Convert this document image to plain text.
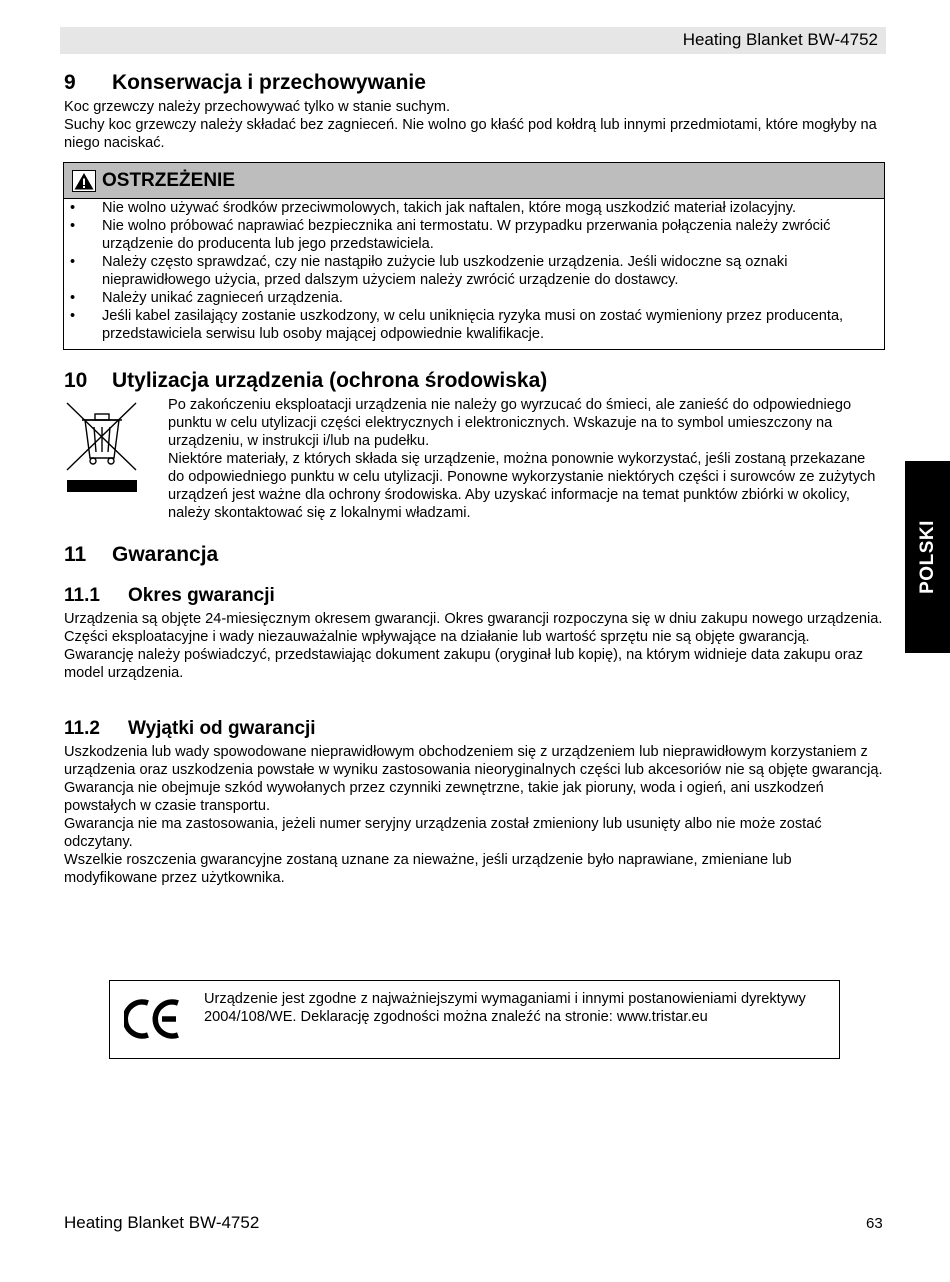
Heating Blanket BW-4752
9 Konserwacja i przechowywanie

Koc grzewczy należy przechowywać tylko w stanie suchym.

Suchy koc grzewczy należy składać bez zagnieceń. Nie wolno go kłaść pod kołdrą lub innymi przedmiotami, które mogłyby na niego naciskać.

OSTRZEŻENIE
• Nie wolno używać środków przeciwmolowych, takich jak naftalen, które mogą uszkodzić materiał izolacyjny.
• Nie wolno próbować naprawiać bezpiecznika ani termostatu. W przypadku przerwania połączenia należy zwrócić urządzenie do producenta lub jego przedstawiciela.
• Należy często sprawdzać, czy nie nastąpiło zużycie lub uszkodzenie urządzenia. Jeśli widoczne są oznaki nieprawidłowego użycia, przed dalszym użyciem należy zwrócić urządzenie do dostawcy.
• Należy unikać zagnieceń urządzenia.
• Jeśli kabel zasilający zostanie uszkodzony, w celu uniknięcia ryzyka musi on zostać wymieniony przez producenta, przedstawiciela serwisu lub osoby mającej odpowiednie kwalifikacje.
10 Utylizacja urządzenia (ochrona środowiska)

Po zakończeniu eksploatacji urządzenia nie należy go wyrzucać do śmieci, ale zanieść do odpowiedniego punktu w celu utylizacji części elektrycznych i elektronicznych. Wskazuje na to symbol umieszczony na urządzeniu, w instrukcji i/lub na pudełku.

Niektóre materiały, z których składa się urządzenie, można ponownie wykorzystać, jeśli zostaną przekazane do odpowiedniego punktu w celu utylizacji. Ponowne wykorzystanie niektórych części i surowców ze zużytych urządzeń jest ważne dla ochrony środowiska. Aby uzyskać informacje na temat punktów zbiórki w okolicy, należy skontaktować się z lokalnymi władzami.

11 Gwarancja
11.1 Okres gwarancji

Urządzenia są objęte 24-miesięcznym okresem gwarancji. Okres gwarancji rozpoczyna się w dniu zakupu nowego urządzenia.

Części eksploatacyjne i wady niezauważalnie wpływające na działanie lub wartość sprzętu nie są objęte gwarancją.

Gwarancję należy poświadczyć, przedstawiając dokument zakupu (oryginał lub kopię), na którym widnieje data zakupu oraz model urządzenia.

11.2 Wyjątki od gwarancji

Uszkodzenia lub wady spowodowane nieprawidłowym obchodzeniem się z urządzeniem lub nieprawidłowym korzystaniem z urządzenia oraz uszkodzenia powstałe w wyniku zastosowania nieoryginalnych części lub akcesoriów nie są objęte gwarancją.

Gwarancja nie obejmuje szkód wywołanych przez czynniki zewnętrzne, takie jak pioruny, woda i ogień, ani uszkodzeń powstałych w czasie transportu.

Gwarancja nie ma zastosowania, jeżeli numer seryjny urządzenia został zmieniony lub usunięty albo nie może zostać odczytany.

Wszelkie roszczenia gwarancyjne zostaną uznane za nieważne, jeśli urządzenie było naprawiane, zmieniane lub modyfikowane przez użytkownika.

POLSKI
Urządzenie jest zgodne z najważniejszymi wymaganiami i innymi postanowieniami dyrektywy 2004/108/WE. Deklarację zgodności można znaleźć na stronie: www.tristar.eu
Heating Blanket BW-4752	63
